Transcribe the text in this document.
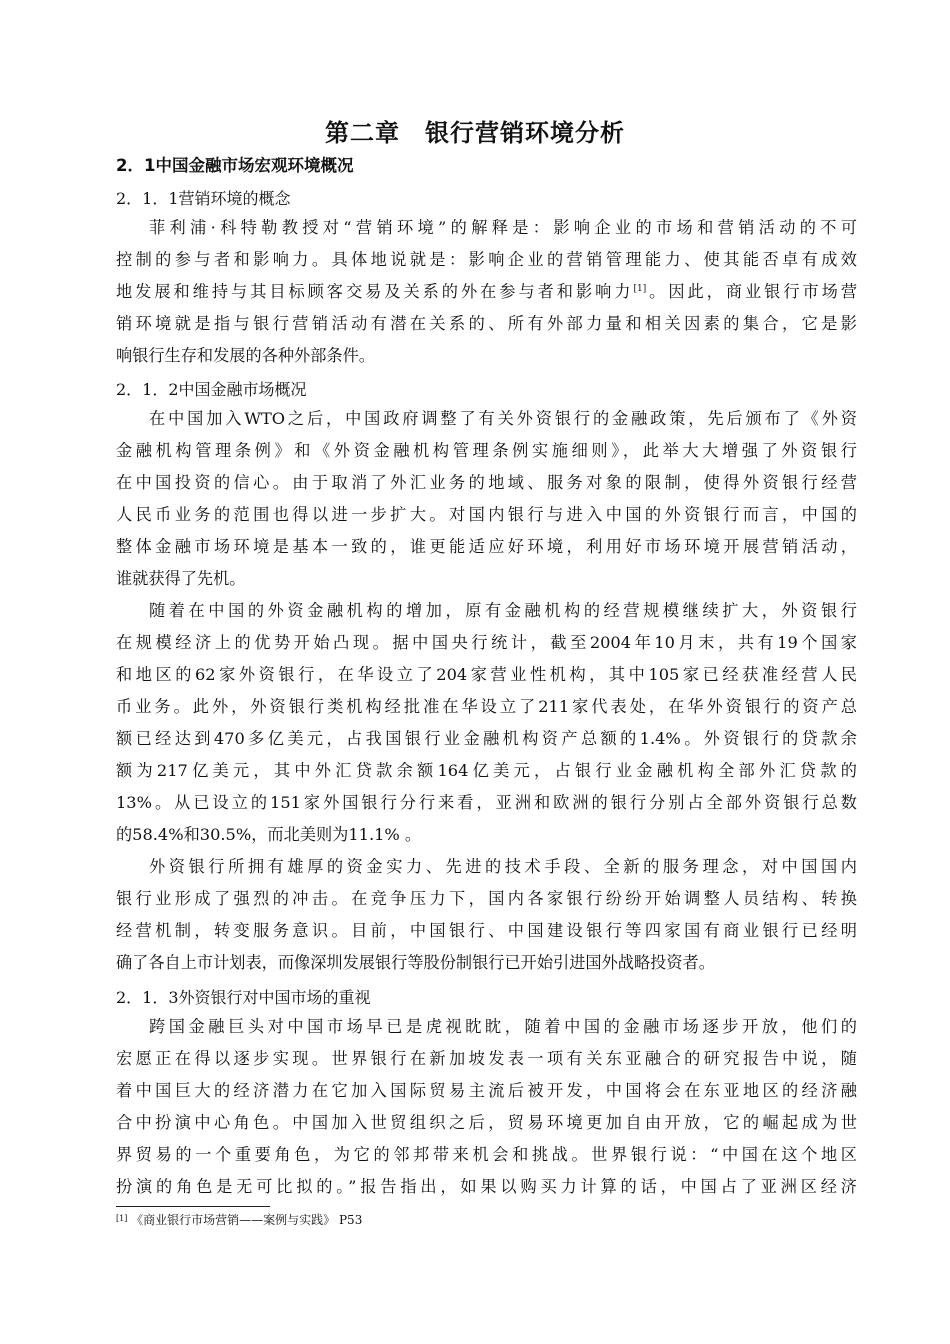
第二章　银行营销环境分析
2．1中国金融市场宏观环境概况
2．1．1营销环境的概念
菲利浦·科特勒教授对“营销环境”的解释是：影响企业的市场和营销活动的不可
控制的参与者和影响力。具体地说就是：影响企业的营销管理能力、使其能否卓有成效
地发展和维持与其目标顾客交易及关系的外在参与者和影响力[1]。因此，商业银行市场营
销环境就是指与银行营销活动有潜在关系的、所有外部力量和相关因素的集合，它是影
响银行生存和发展的各种外部条件。
2．1．2中国金融市场概况
在中国加入WTO之后，中国政府调整了有关外资银行的金融政策，先后颁布了《外资
金融机构管理条例》和《外资金融机构管理条例实施细则》，此举大大增强了外资银行
在中国投资的信心。由于取消了外汇业务的地域、服务对象的限制，使得外资银行经营
人民币业务的范围也得以进一步扩大。对国内银行与进入中国的外资银行而言，中国的
整体金融市场环境是基本一致的，谁更能适应好环境，利用好市场环境开展营销活动，
谁就获得了先机。
随着在中国的外资金融机构的增加，原有金融机构的经营规模继续扩大，外资银行
在规模经济上的优势开始凸现。据中国央行统计，截至2004年10月末，共有19个国家
和地区的62家外资银行，在华设立了204家营业性机构，其中105家已经获准经营人民
币业务。此外，外资银行类机构经批准在华设立了211家代表处，在华外资银行的资产总
额已经达到470多亿美元，占我国银行业金融机构资产总额的1.4%。外资银行的贷款余
额为217亿美元，其中外汇贷款余额164亿美元，占银行业金融机构全部外汇贷款的
13%。从已设立的151家外国银行分行来看，亚洲和欧洲的银行分别占全部外资银行总数
的58.4%和30.5%，而北美则为11.1% 。
外资银行所拥有雄厚的资金实力、先进的技术手段、全新的服务理念，对中国国内
银行业形成了强烈的冲击。在竞争压力下，国内各家银行纷纷开始调整人员结构、转换
经营机制，转变服务意识。目前，中国银行、中国建设银行等四家国有商业银行已经明
确了各自上市计划表，而像深圳发展银行等股份制银行已开始引进国外战略投资者。
2．1．3外资银行对中国市场的重视
跨国金融巨头对中国市场早已是虎视眈眈，随着中国的金融市场逐步开放，他们的
宏愿正在得以逐步实现。世界银行在新加坡发表一项有关东亚融合的研究报告中说，随
着中国巨大的经济潜力在它加入国际贸易主流后被开发，中国将会在东亚地区的经济融
合中扮演中心角色。中国加入世贸组织之后，贸易环境更加自由开放，它的崛起成为世
界贸易的一个重要角色，为它的邻邦带来机会和挑战。世界银行说：“中国在这个地区
扮演的角色是无可比拟的。”报告指出，如果以购买力计算的话，中国占了亚洲区经济
[1] 《商业银行市场营销——案例与实践》 P53
